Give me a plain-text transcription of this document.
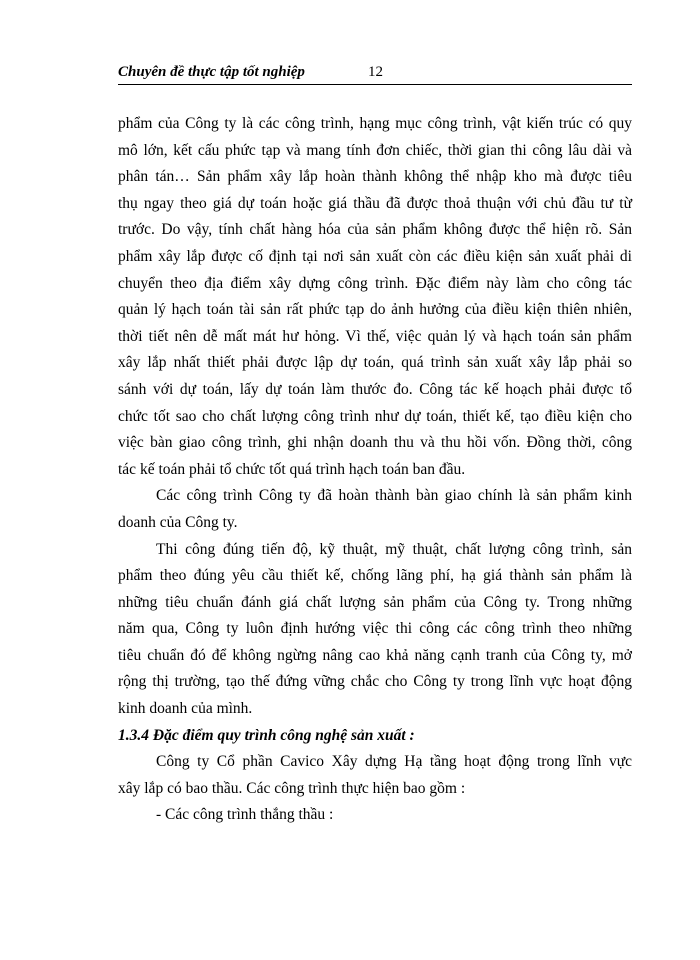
Chuyên đề thực tập tốt nghiệp	12
phẩm của Công ty là các công trình, hạng mục công trình, vật kiến trúc có quy
mô lớn, kết cấu phức tạp và mang tính đơn chiếc, thời gian thi công lâu dài và
phân tán… Sản phẩm xây lắp hoàn thành không thể nhập kho mà được tiêu
thụ ngay theo giá dự toán hoặc giá thầu đã được thoả thuận với chủ đầu tư từ
trước. Do vậy, tính chất hàng hóa của sản phẩm không được thể hiện rõ. Sản
phẩm xây lắp được cố định tại nơi sản xuất còn các điều kiện sản xuất phải di
chuyển theo địa điểm xây dựng công trình. Đặc điểm này làm cho công tác
quản lý hạch toán tài sản rất phức tạp do ảnh hưởng của điều kiện thiên nhiên,
thời tiết nên dễ mất mát hư hỏng. Vì thế, việc quản lý và hạch toán sản phẩm
xây lắp nhất thiết phải được lập dự toán, quá trình sản xuất xây lắp phải so
sánh với dự toán, lấy dự toán làm thước đo. Công tác kế hoạch phải được tổ
chức tốt sao cho chất lượng công trình như dự toán, thiết kế, tạo điều kiện cho
việc bàn giao công trình, ghi nhận doanh thu và thu hồi vốn. Đồng thời, công
tác kế toán phải tổ chức tốt quá trình hạch toán ban đầu.
Các công trình Công ty đã hoàn thành bàn giao chính là sản phẩm kinh
doanh của Công ty.
Thi công đúng tiến độ, kỹ thuật, mỹ thuật, chất lượng công trình, sản
phẩm theo đúng yêu cầu thiết kế, chống lãng phí, hạ giá thành sản phẩm là
những tiêu chuẩn đánh giá chất lượng sản phẩm của Công ty. Trong những
năm qua, Công ty luôn định hướng việc thi công các công trình theo những
tiêu chuẩn đó để không ngừng nâng cao khả năng cạnh tranh của Công ty, mở
rộng thị trường, tạo thế đứng vững chắc cho Công ty trong lĩnh vực hoạt động
kinh doanh của mình.
1.3.4 Đặc điểm quy trình công nghệ sản xuất :
Công ty Cổ phần Cavico Xây dựng Hạ tầng hoạt động trong lĩnh vực
xây lắp có bao thầu. Các công trình thực hiện bao gồm :
- Các công trình thắng thầu :
